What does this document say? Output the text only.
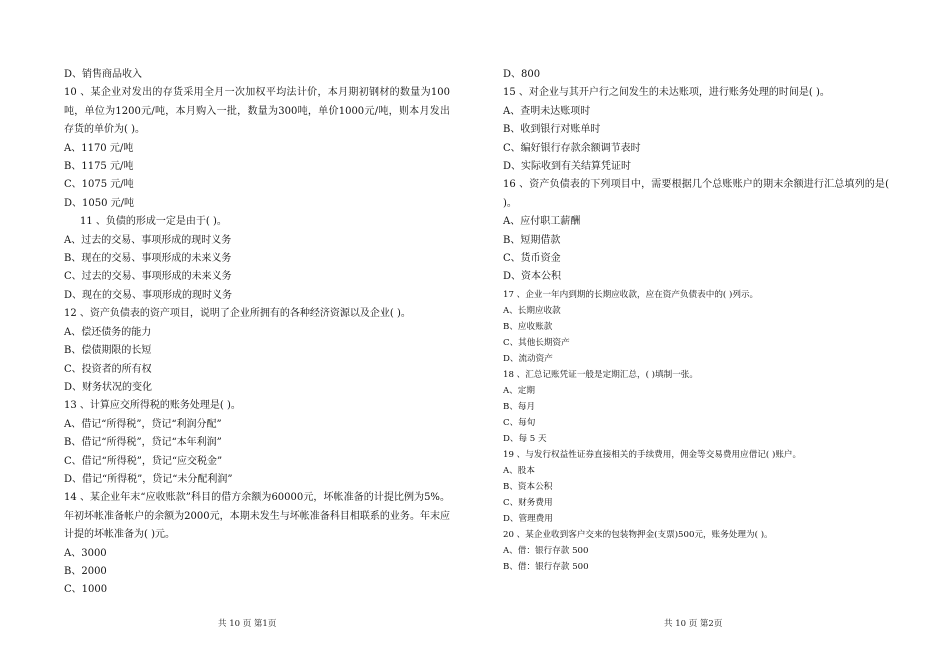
D、销售商品收入
10 、某企业对发出的存货采用全月一次加权平均法计价，本月期初钢材的数量为100吨，单位为1200元/吨，本月购入一批，数量为300吨，单价1000元/吨，则本月发出存货的单价为( )。
A、1170 元/吨
B、1175 元/吨
C、1075 元/吨
D、1050 元/吨
11 、负债的形成一定是由于( )。
A、过去的交易、事项形成的现时义务
B、现在的交易、事项形成的未来义务
C、过去的交易、事项形成的未来义务
D、现在的交易、事项形成的现时义务
12 、资产负债表的资产项目，说明了企业所拥有的各种经济资源以及企业( )。
A、偿还债务的能力
B、偿债期限的长短
C、投资者的所有权
D、财务状况的变化
13 、计算应交所得税的账务处理是( )。
A、借记“所得税”，贷记“利润分配”
B、借记“所得税”，贷记“本年利润”
C、借记“所得税”，贷记“应交税金”
D、借记“所得税”，贷记“未分配利润”
14 、某企业年末“应收账款”科目的借方余额为60000元，坏帐准备的计提比例为5%。年初坏帐准备帐户的余额为2000元，本期未发生与坏帐准备科目相联系的业务。年末应计提的坏帐准备为( )元。
A、3000
B、2000
C、1000
D、800
15 、对企业与其开户行之间发生的未达账项，进行账务处理的时间是( )。
A、查明未达账项时
B、收到银行对账单时
C、编好银行存款余额调节表时
D、实际收到有关结算凭证时
16 、资产负债表的下列项目中，需要根据几个总账账户的期末余额进行汇总填列的是( )。
A、应付职工薪酬
B、短期借款
C、货币资金
D、资本公积
17 、企业一年内到期的长期应收款，应在资产负债表中的( )列示。
A、长期应收款
B、应收账款
C、其他长期资产
D、流动资产
18 、汇总记账凭证一般是定期汇总，( )填制一张。
A、定期
B、每月
C、每旬
D、每 5 天
19 、与发行权益性证券直接相关的手续费用，佣金等交易费用应借记( )账户。
A、股本
B、资本公积
C、财务费用
D、管理费用
20 、某企业收到客户交来的包装物押金(支票)500元，账务处理为( )。
A、借：银行存款 500
B、借：银行存款 500
共 10 页 第1页	共 10 页 第2页
